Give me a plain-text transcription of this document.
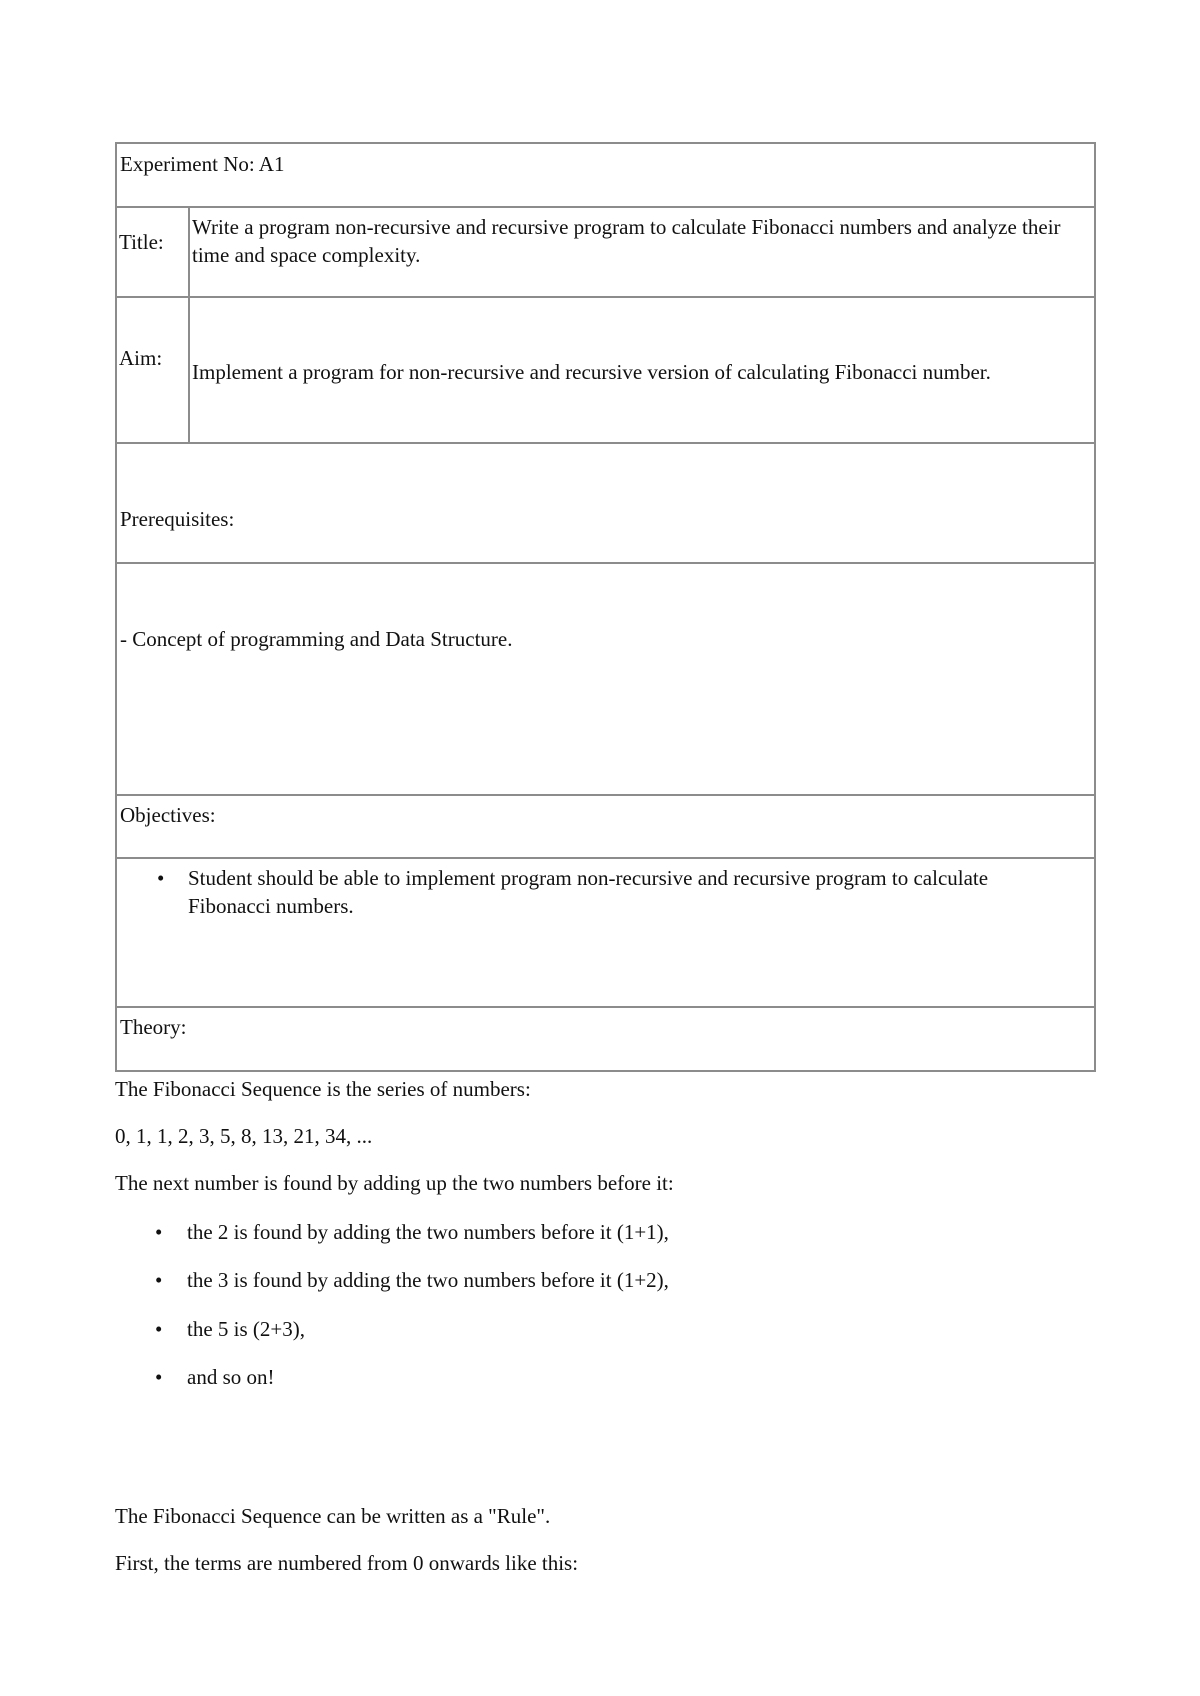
Experiment No: A1
Title:
Write a program non-recursive and recursive program to calculate Fibonacci numbers and analyze their time and space complexity.
Aim:
Implement a program for non-recursive and recursive version of calculating Fibonacci number.
Prerequisites:
- Concept of programming and Data Structure.
Objectives:
• Student should be able to implement program non-recursive and recursive program to calculate Fibonacci numbers.
Theory:

The Fibonacci Sequence is the series of numbers:

0, 1, 1, 2, 3, 5, 8, 13, 21, 34, ...

The next number is found by adding up the two numbers before it:

• the 2 is found by adding the two numbers before it (1+1),
• the 3 is found by adding the two numbers before it (1+2),
• the 5 is (2+3),
• and so on!

The Fibonacci Sequence can be written as a "Rule".

First, the terms are numbered from 0 onwards like this:
